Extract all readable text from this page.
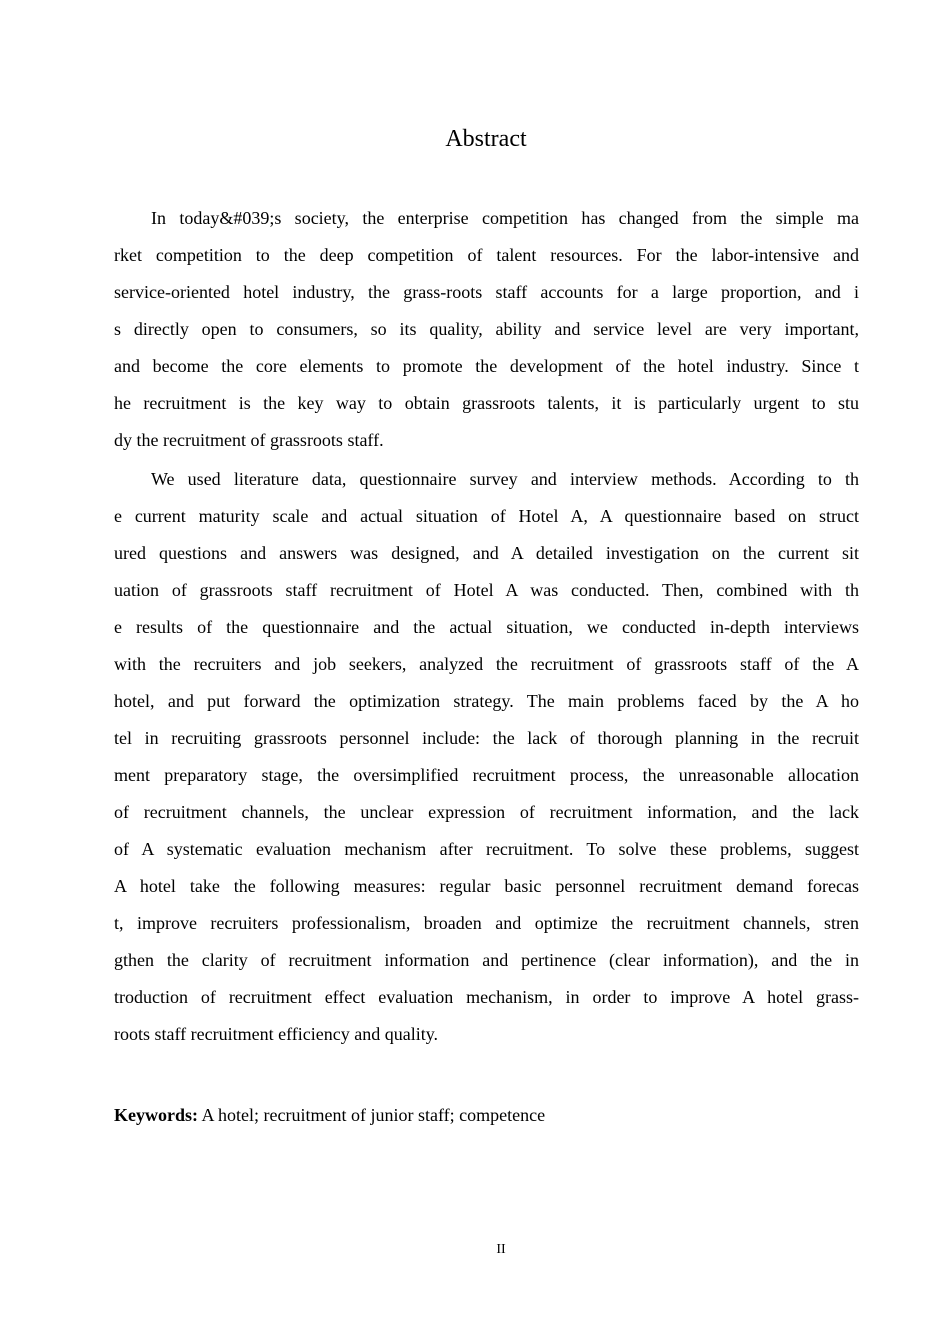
Abstract
In today&#039;s society, the enterprise competition has changed from the simple ma
rket competition to the deep competition of talent resources. For the labor-intensive and
service-oriented hotel industry, the grass-roots staff accounts for a large proportion, and i
s directly open to consumers, so its quality, ability and service level are very important,
and become the core elements to promote the development of the hotel industry. Since t
he recruitment is the key way to obtain grassroots talents, it is particularly urgent to stu
dy the recruitment of grassroots staff.
We used literature data, questionnaire survey and interview methods. According to th
e current maturity scale and actual situation of Hotel A, A questionnaire based on struct
ured questions and answers was designed, and A detailed investigation on the current sit
uation of grassroots staff recruitment of Hotel A was conducted. Then, combined with th
e results of the questionnaire and the actual situation, we conducted in-depth interviews
with the recruiters and job seekers, analyzed the recruitment of grassroots staff of the A
hotel, and put forward the optimization strategy. The main problems faced by the A ho
tel in recruiting grassroots personnel include: the lack of thorough planning in the recruit
ment preparatory stage, the oversimplified recruitment process, the unreasonable allocation
of recruitment channels, the unclear expression of recruitment information, and the lack
of A systematic evaluation mechanism after recruitment. To solve these problems, suggest
A hotel take the following measures: regular basic personnel recruitment demand forecas
t, improve recruiters professionalism, broaden and optimize the recruitment channels, stren
gthen the clarity of recruitment information and pertinence (clear information), and the in
troduction of recruitment effect evaluation mechanism, in order to improve A hotel grass-
roots staff recruitment efficiency and quality.
Keywords: A hotel; recruitment of junior staff; competence
II
